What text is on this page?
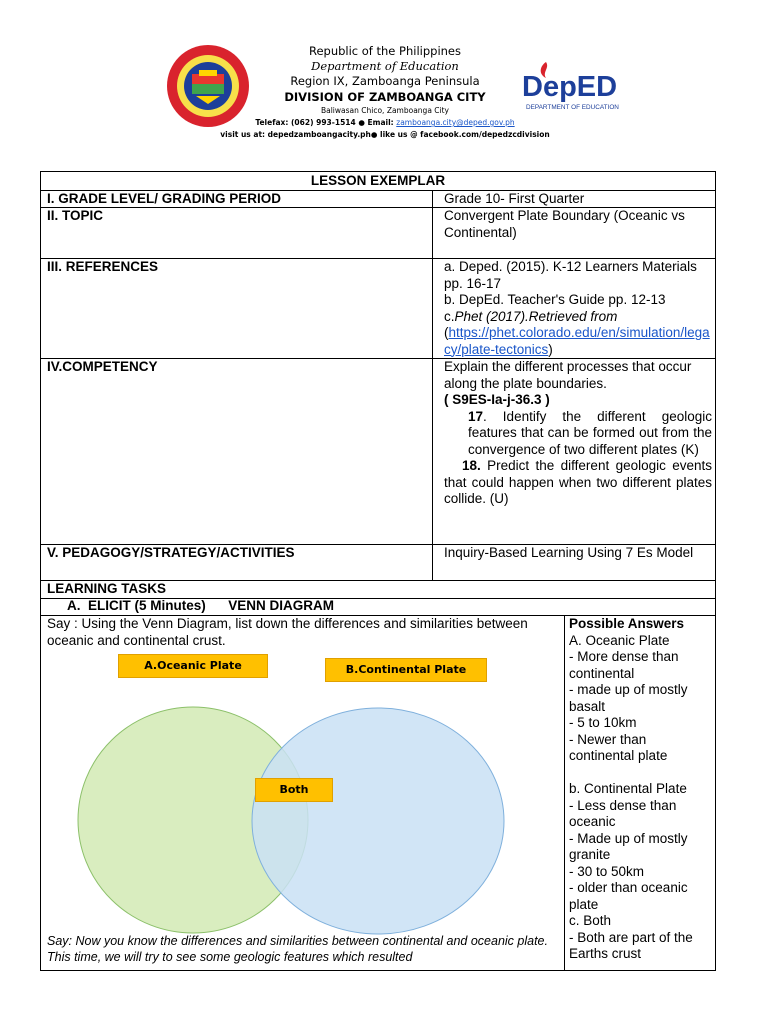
Republic of the Philippines
Department of Education
Region IX, Zamboanga Peninsula
DIVISION OF ZAMBOANGA CITY
Baliwasan Chico, Zamboanga City
Telefax: (062) 993-1514 ● Email: zamboanga.city@deped.gov.ph
visit us at: depedzamboangacity.ph● like us @ facebook.com/depedzcdivision
DepED
DEPARTMENT OF EDUCATION
LESSON EXEMPLAR
I. GRADE LEVEL/ GRADING PERIOD	Grade 10- First Quarter
II. TOPIC	Convergent Plate Boundary (Oceanic vs Continental)
III. REFERENCES	a. Deped. (2015). K-12 Learners Materials pp. 16-17
b. DepEd. Teacher's Guide pp. 12-13
c.Phet (2017).Retrieved from
(https://phet.colorado.edu/en/simulation/legacy/plate-tectonics)
IV.COMPETENCY	Explain the different processes that occur along the plate boundaries.
( S9ES-Ia-j-36.3 )
17. Identify the different geologic features that can be formed out from the convergence of two different plates (K)
18. Predict the different geologic events that could happen when two different plates collide. (U)
V. PEDAGOGY/STRATEGY/ACTIVITIES	Inquiry-Based Learning Using 7 Es Model
LEARNING TASKS
A.  ELICIT (5 Minutes)      VENN DIAGRAM
Say : Using the Venn Diagram, list down the differences and similarities between oceanic and continental crust.
Say: Now you know the differences and similarities between continental and oceanic plate. This time, we will try to see some geologic features which resulted
Possible Answers
A. Oceanic Plate
- More dense than continental
- made up of mostly basalt
- 5 to 10km
- Newer than continental plate
b. Continental Plate
- Less dense than oceanic
- Made up of mostly granite
- 30 to 50km
- older than oceanic plate
c. Both
- Both are part of the Earths crust
A.Oceanic Plate	B.Continental Plate
Both
